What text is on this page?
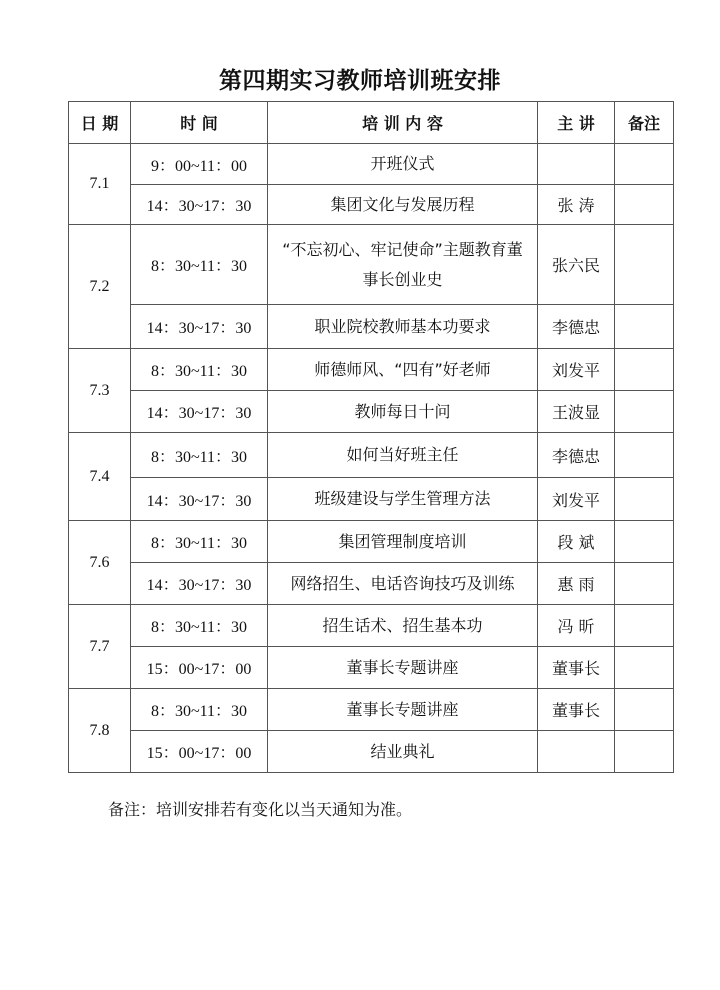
第四期实习教师培训班安排
日 期	时 间	培 训 内 容	主 讲	备注
7.1	9：00~11：00	开班仪式		
	14：30~17：30	集团文化与发展历程	张 涛	
7.2	8：30~11：30	“不忘初心、牢记使命”主题教育董事长创业史	张六民	
	14：30~17：30	职业院校教师基本功要求	李德忠	
7.3	8：30~11：30	师德师风、“四有”好老师	刘发平	
	14：30~17：30	教师每日十问	王波显	
7.4	8：30~11：30	如何当好班主任	李德忠	
	14：30~17：30	班级建设与学生管理方法	刘发平	
7.6	8：30~11：30	集团管理制度培训	段 斌	
	14：30~17：30	网络招生、电话咨询技巧及训练	惠 雨	
7.7	8：30~11：30	招生话术、招生基本功	冯 昕	
	15：00~17：00	董事长专题讲座	董事长	
7.8	8：30~11：30	董事长专题讲座	董事长	
	15：00~17：00	结业典礼		
备注：培训安排若有变化以当天通知为准。
